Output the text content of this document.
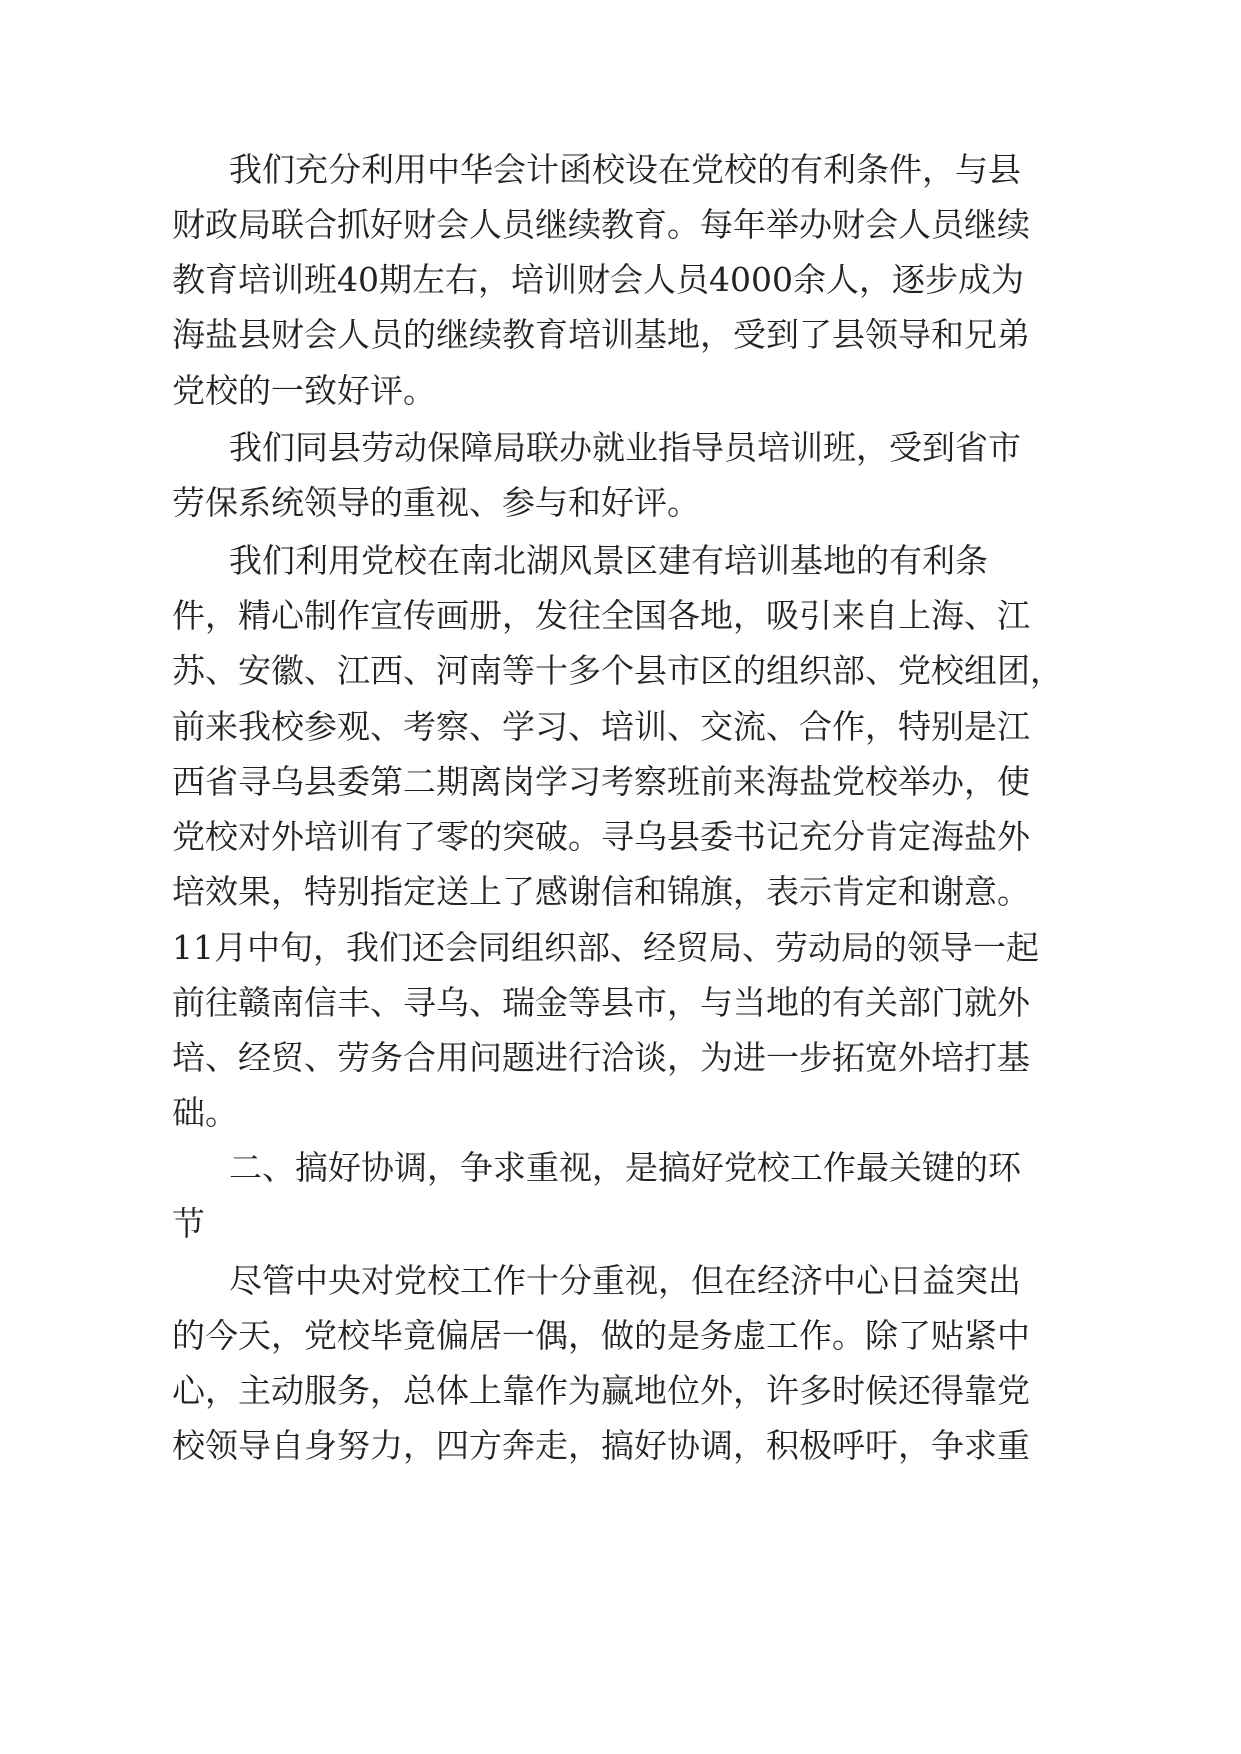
我 们 充 分 利 用 中 华 会 计 函 校 设 在 党 校 的 有 利 条 件 ， 与 县
财 政 局 联 合 抓 好 财 会 人 员 继 续 教 育 。 每 年 举 办 财 会 人 员 继 续
教 育 培 训 班 40 期 左 右 ， 培 训 财 会 人 员 4000 余 人 ， 逐 步 成 为
海 盐 县 财 会 人 员 的 继 续 教 育 培 训 基 地 ， 受 到 了 县 领 导 和 兄 弟
党校的一致好评。
我 们 同 县 劳 动 保 障 局 联 办 就 业 指 导 员 培 训 班 ， 受 到 省 市
劳保系统领导的重视、参与和好评。
我 们 利 用 党 校 在 南 北 湖 风 景 区 建 有 培 训 基 地 的 有 利 条
件 ， 精 心 制 作 宣 传 画 册 ， 发 往 全 国 各 地 ， 吸 引 来 自 上 海 、 江
苏 、 安 徽 、 江 西 、 河 南 等 十 多 个 县 市 区 的 组 织 部 、 党 校 组 团 ，
前 来 我 校 参 观 、 考 察 、 学 习 、 培 训 、 交 流 、 合 作 ， 特 别 是 江
西 省 寻 乌 县 委 第 二 期 离 岗 学 习 考 察 班 前 来 海 盐 党 校 举 办 ， 使
党 校 对 外 培 训 有 了 零 的 突 破 。 寻 乌 县 委 书 记 充 分 肯 定 海 盐 外
培 效 果 ， 特 别 指 定 送 上 了 感 谢 信 和 锦 旗 ， 表 示 肯 定 和 谢 意 。
11 月 中 旬 ， 我 们 还 会 同 组 织 部 、 经 贸 局 、 劳 动 局 的 领 导 一 起
前 往 赣 南 信 丰 、 寻 乌 、 瑞 金 等 县 市 ， 与 当 地 的 有 关 部 门 就 外
培 、 经 贸 、 劳 务 合 用 问 题 进 行 洽 谈 ， 为 进 一 步 拓 宽 外 培 打 基
础。
二 、 搞 好 协 调 ， 争 求 重 视 ， 是 搞 好 党 校 工 作 最 关 键 的 环
节
尽 管 中 央 对 党 校 工 作 十 分 重 视 ， 但 在 经 济 中 心 日 益 突 出
的 今 天 ， 党 校 毕 竟 偏 居 一 偶 ， 做 的 是 务 虚 工 作 。 除 了 贴 紧 中
心 ， 主 动 服 务 ， 总 体 上 靠 作 为 赢 地 位 外 ， 许 多 时 候 还 得 靠 党
校 领 导 自 身 努 力 ， 四 方 奔 走 ， 搞 好 协 调 ， 积 极 呼 吁 ， 争 求 重
